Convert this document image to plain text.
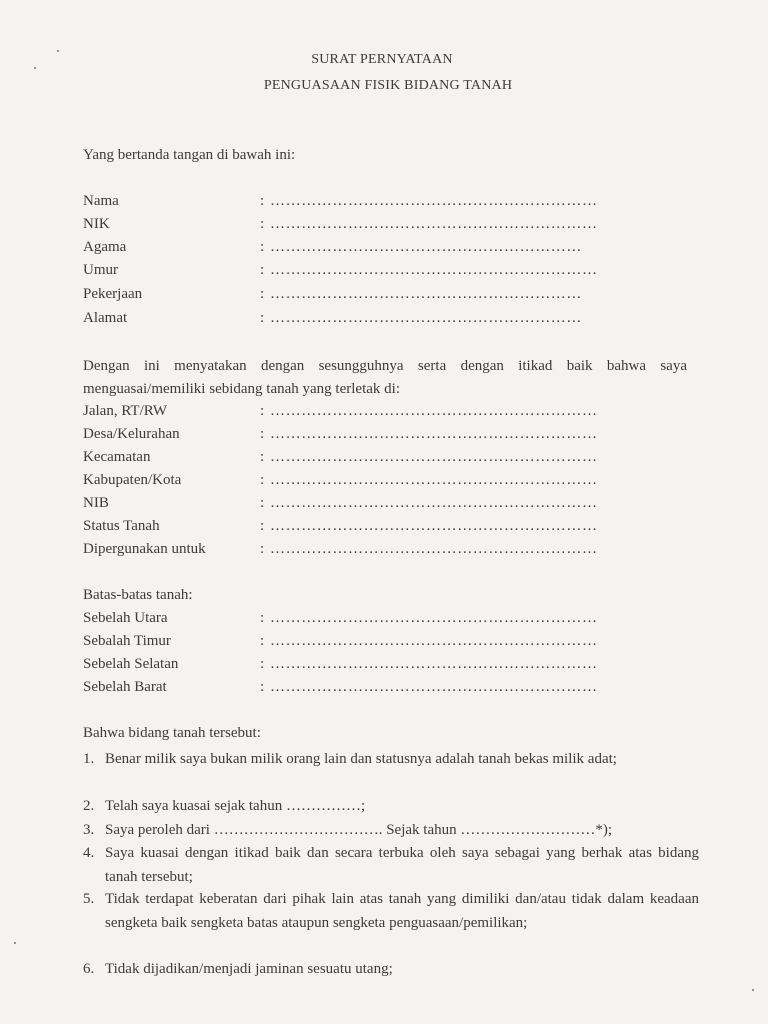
SURAT PERNYATAAN
PENGUASAAN FISIK BIDANG TANAH
Yang bertanda tangan di bawah ini:
Nama	: ………………………………………………………
NIK	: ………………………………………………………
Agama	: ……………………………………………………
Umur	: ………………………………………………………
Pekerjaan	: ……………………………………………………
Alamat	: ……………………………………………………
Dengan ini menyatakan dengan sesungguhnya serta dengan itikad baik bahwa saya menguasai/memiliki sebidang tanah yang terletak di:
Jalan, RT/RW	: ………………………………………………………
Desa/Kelurahan	: ………………………………………………………
Kecamatan	: ………………………………………………………
Kabupaten/Kota	: ………………………………………………………
NIB	: ………………………………………………………
Status Tanah	: ………………………………………………………
Dipergunakan untuk	: ………………………………………………………
Batas-batas tanah:
Sebelah Utara	: ………………………………………………………
Sebalah Timur	: ………………………………………………………
Sebelah Selatan	: ………………………………………………………
Sebelah Barat	: ………………………………………………………
Bahwa bidang tanah tersebut:
1. Benar milik saya bukan milik orang lain dan statusnya adalah tanah bekas milik adat;
2. Telah saya kuasai sejak tahun ……………;
3. Saya peroleh dari ……………………………. Sejak tahun ………………………*);
4. Saya kuasai dengan itikad baik dan secara terbuka oleh saya sebagai yang berhak atas bidang tanah tersebut;
5. Tidak terdapat keberatan dari pihak lain atas tanah yang dimiliki dan/atau tidak dalam keadaan sengketa baik sengketa batas ataupun sengketa penguasaan/pemilikan;
6. Tidak dijadikan/menjadi jaminan sesuatu utang;
